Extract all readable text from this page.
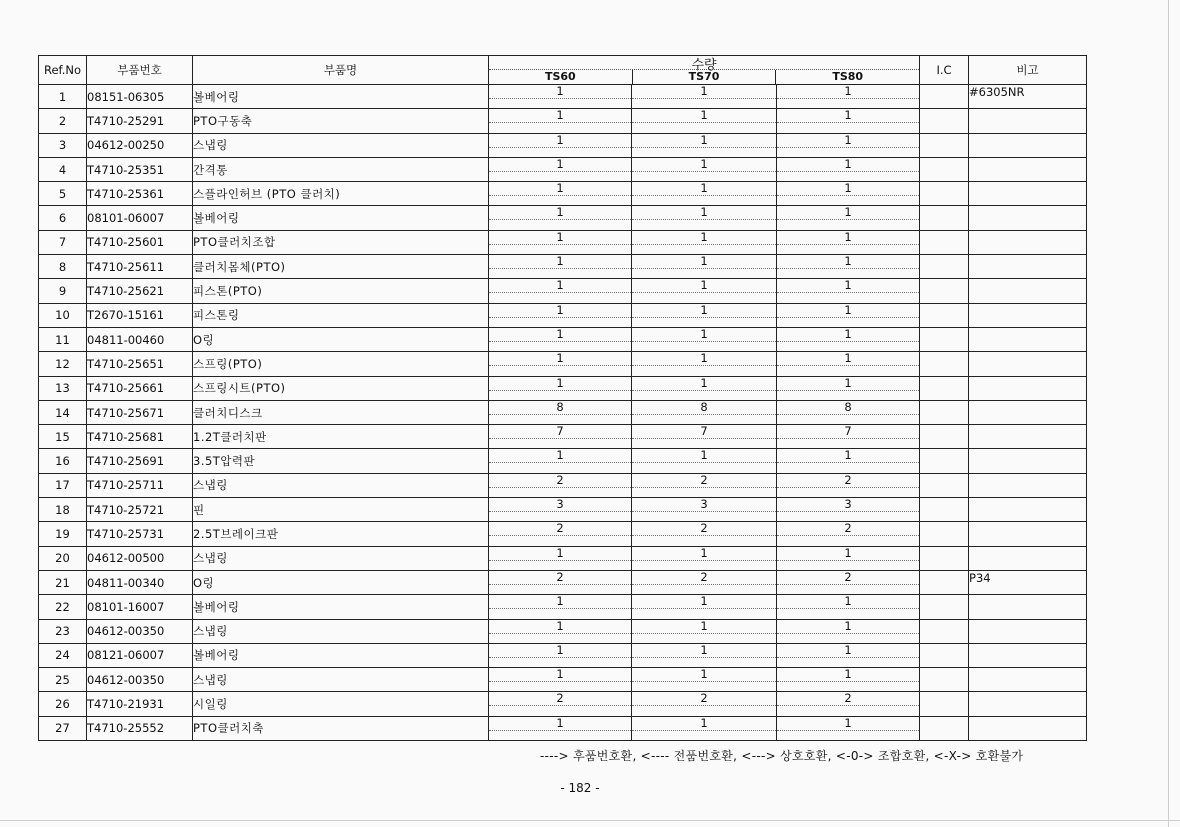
Ref.No	부품번호	부품명	수량
TS60 TS70 TS80			I.C	비고
1	08151-06305	볼베어링	1	1	1		#6305NR
2	T4710-25291	PTO구동축	1	1	1		

3	04612-00250	스냅링	1	1	1		

4	T4710-25351	간격통	1	1	1		

5	T4710-25361	스플라인허브 (PTO 클러치)	1	1	1		

6	08101-06007	볼베어링	1	1	1		

7	T4710-25601	PTO클러치조합	1	1	1		

8	T4710-25611	클러치몸체(PTO)	1	1	1		

9	T4710-25621	피스톤(PTO)	1	1	1		

10	T2670-15161	피스톤링	1	1	1		

11	04811-00460	O링	1	1	1		

12	T4710-25651	스프링(PTO)	1	1	1		

13	T4710-25661	스프링시트(PTO)	1	1	1		

14	T4710-25671	클러치디스크	8	8	8		

15	T4710-25681	1.2T클러치판	7	7	7		

16	T4710-25691	3.5T압력판	1	1	1		

17	T4710-25711	스냅링	2	2	2		

18	T4710-25721	핀	3	3	3		

19	T4710-25731	2.5T브레이크판	2	2	2		

20	04612-00500	스냅링	1	1	1		

21	04811-00340	O링	2	2	2		P34
22	08101-16007	볼베어링	1	1	1		

23	04612-00350	스냅링	1	1	1		

24	08121-06007	볼베어링	1	1	1		

25	04612-00350	스냅링	1	1	1		

26	T4710-21931	시일링	2	2	2		

27	T4710-25552	PTO클러치축	1	1	1		

----> 후품번호환, <---- 전품번호환, <---> 상호호환, <-0-> 조합호환, <-X-> 호환불가
- 182 -
